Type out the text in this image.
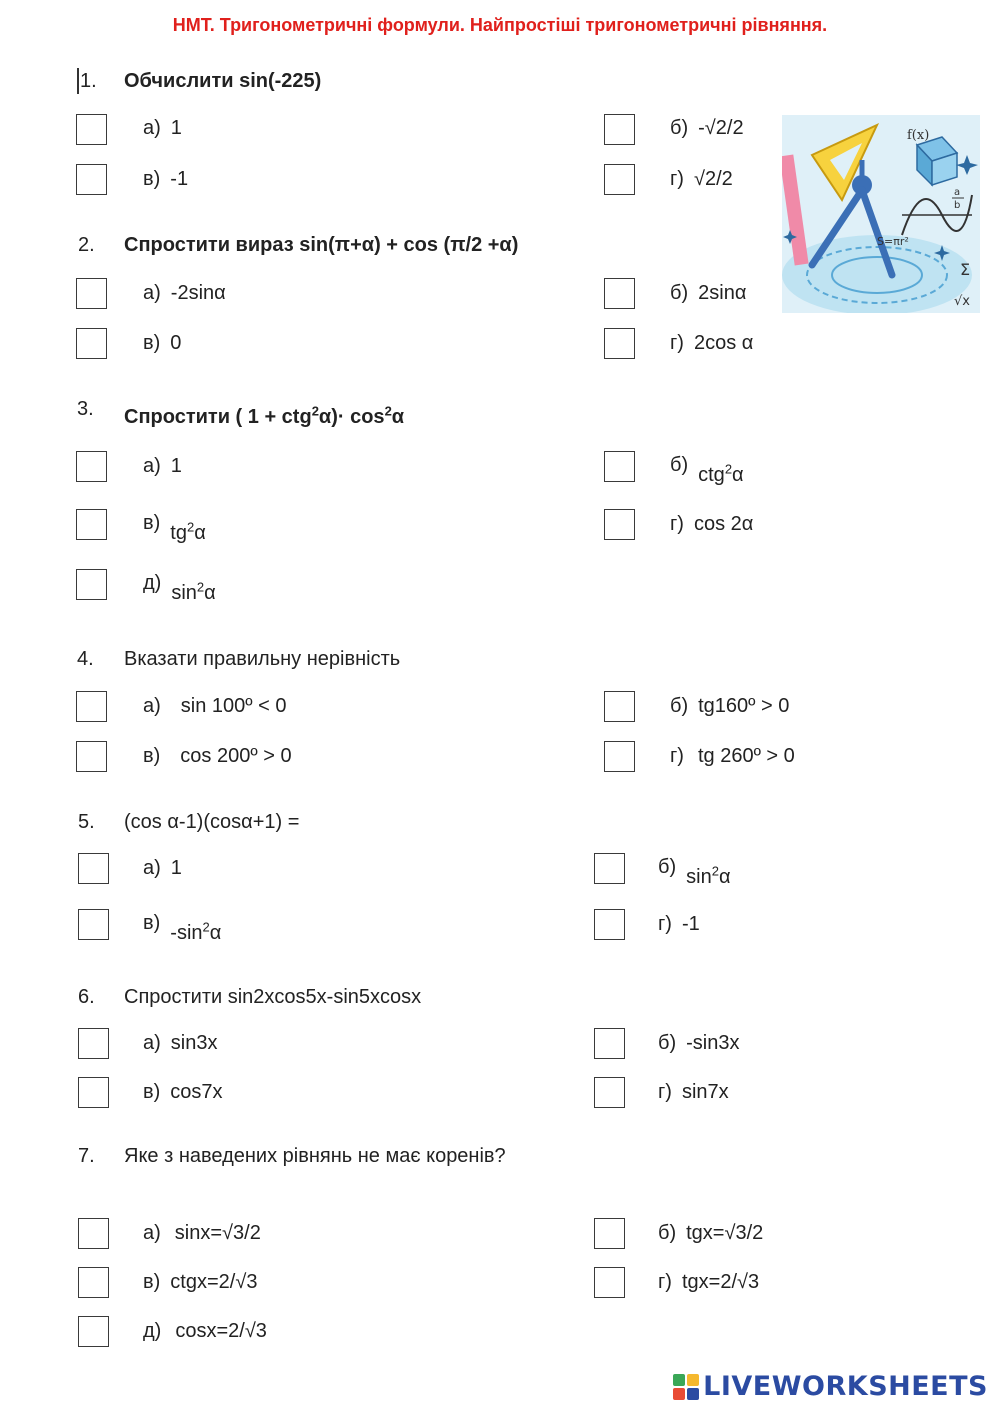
НМТ. Тригонометричні формули. Найпростіші тригонометричні рівняння.
1. Обчислити sin(-225)
а) 1	б) -√2/2
в) -1	г) √2/2
2. Спростити вираз sin(π+α) + cos (π/2 +α)
а) -2sinα	б) 2sinα
в) 0	г) 2cos α
3. Спростити ( $1 + ctg^2\alpha)\cdot \cos^2\alpha$
а) 1	б) ctg$^2$α
в) $tg^2\alpha$	г) cos 2α
д) $\sin^2\alpha$
4. Вказати правильну нерівність
а) sin 100º < 0	б) tg160º > 0
в) cos 200º > 0	г) tg 260º > 0
5. (cos α-1)(cosα+1) =
а) 1	б) $\sin^2\alpha$
в) $-\sin^2\alpha$	г) -1
6. Спростити sin2xcos5x-sin5xcosx
а) sin3x	б) -sin3x
в) cos7x	г) sin7x
7. Яке з наведених рівнянь не має коренів?
а) sinx=√3/2	б) tgx=√3/2
в) ctgx=2/√3	г) tgx=2/√3
д) cosx=2/√3
f(x)
S=πr²
a
b
Σ
√x
LIVEWORKSHEETS
